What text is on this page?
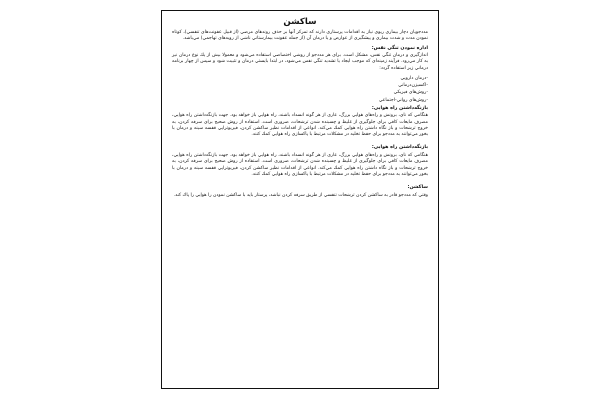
ساكشن

مددجويان دچار بيماري ريوي نياز به اقدامات پرستاري دارند كه تمركز آنها بر حذف روندهاي مرضي (از قبيل عفونت‌هاي تنفسي)، كوتاه نمودن مدت و شدت بيماري و پيشگيري از عوارض و يا درمان آن (از جمله عفونت بيمارستاني ناشي از روبه‌هاي تهاجمي) مي‌باشد.

اداره نمودن تنگي نفس:

اندازگيري و درمان تنگي نفس، مشكل است. براي هر مددجو از روشي اختصاصي استفاده مي‌شود و معمولا بيش از يك نوع درمان نيز به كار مي‌رود. فرآيند زمينه‌اي كه موجب ايجاد يا تشديد تنگي نفس مي‌شود، در ابتدا بايستي درمان و تثبيت شود و سپس از چهار برنامه درماني زير استفاده گردد:

-درمان دارويي
-اكسيژن‌درماني
-روش‌هاي فيزيكي
-روش‌هاي رواني-اجتماعي
بازنگه‌داشتن راه هوايي:

هنگامي كه ناي، برونش و راه‌هاي هوايي بزرگ، عاري از هر گونه انسداد باشند، راه هوايي باز خواهد بود. جهت بازنگه‌داشتن راه هوايي، مصرف مايعات كافي براي جلوگيري از غليظ و چسبنده شدن ترشحات، ضروري است. استفاده از روش صحيح براي سرفه كردن، به خروج ترشحات و باز نگاه داشتن راه هوايي كمك مي‌كند. انواعي از اقدامات نظير ساكشن كردن، فيزيوتراپي قفسه سينه و درمان با بخور مي‌توانند به مددجو براي حفظ تخليه در مشكلات مرتبط با پاكسازي راه هوايي كمك كنند.

بازنگه‌داشتن راه هوايي:

هنگامي كه ناي، برونش و راه‌هاي هوايي بزرگ، عاري از هر گونه انسداد باشند، راه هوايي باز خواهد بود. جهت بازنگه‌داشتن راه هوايي، مصرف مايعات كافي براي جلوگيري از غليظ و چسبنده شدن ترشحات، ضروري است. استفاده از روش صحيح براي سرفه كردن، به خروج ترشحات و باز نگاه داشتن راه هوايي كمك مي‌كند. انواعي از اقدامات نظير ساكشن كردن، فيزيوتراپي قفسه سينه و درمان با بخور مي‌توانند به مددجو براي حفظ تخليه در مشكلات مرتبط با پاكسازي راه هوايي كمك كنند.

ساكشن:

وقتي كه مددجو قادر به ساكشن كردن ترشحات تنفسي از طريق سرفه كردن نباشد، پرستار بايد با ساكشن نمودن را هوايي را پاك كند.
